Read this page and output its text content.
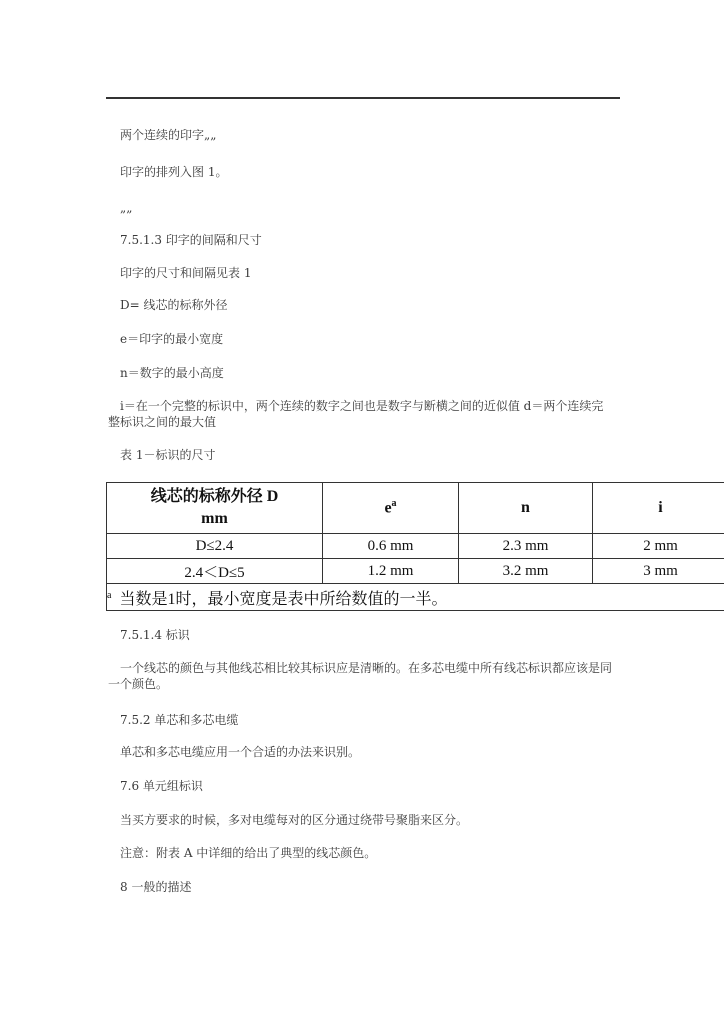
两个连续的印字„„
印字的排列入图 1。
„„
7.5.1.3 印字的间隔和尺寸
印字的尺寸和间隔见表 1
D= 线芯的标称外径
e＝印字的最小宽度
n＝数字的最小高度
i＝在一个完整的标识中，两个连续的数字之间也是数字与断横之间的近似值 d＝两个连续完整标识之间的最大值
表 1－标识的尺寸
线芯的标称外径 D
mm	$e^a$	n	i
D≤2.4	0.6 mm	2.3 mm	2 mm
2.4＜D≤5	1.2 mm	3.2 mm	3 mm
$^a$ 当数是1时，最小宽度是表中所给数值的一半。			
7.5.1.4 标识
一个线芯的颜色与其他线芯相比较其标识应是清晰的。在多芯电缆中所有线芯标识都应该是同一个颜色。
7.5.2 单芯和多芯电缆
单芯和多芯电缆应用一个合适的办法来识别。
7.6 单元组标识
当买方要求的时候，多对电缆每对的区分通过绕带号聚脂来区分。
注意：附表 A 中详细的给出了典型的线芯颜色。
8 一般的描述
